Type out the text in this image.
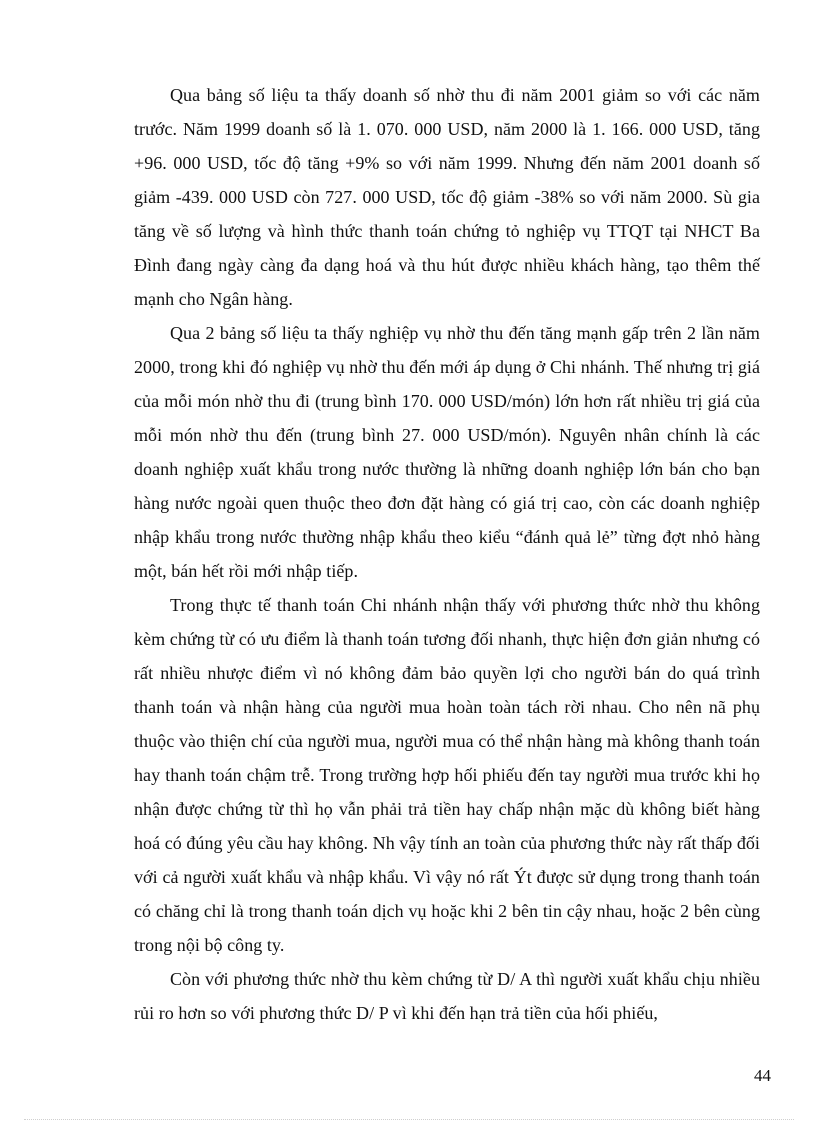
Qua bảng số liệu ta thấy doanh số nhờ thu đi năm 2001 giảm so với các năm trước. Năm 1999 doanh số là 1. 070. 000 USD, năm 2000 là 1. 166. 000 USD, tăng +96. 000 USD, tốc độ tăng +9% so với năm 1999. Nhưng đến năm 2001 doanh số giảm -439. 000 USD còn 727. 000 USD, tốc độ giảm -38% so với năm 2000. Sù gia tăng về số lượng và hình thức thanh toán chứng tỏ nghiệp vụ TTQT tại NHCT Ba Đình đang ngày càng đa dạng hoá và thu hút được nhiều khách hàng, tạo thêm thế mạnh cho Ngân hàng.

Qua 2 bảng số liệu ta thấy nghiệp vụ nhờ thu đến tăng mạnh gấp trên 2 lần năm 2000, trong khi đó nghiệp vụ nhờ thu đến mới áp dụng ở Chi nhánh. Thế nhưng trị giá của mỗi món nhờ thu đi (trung bình 170. 000 USD/món) lớn hơn rất nhiều trị giá của mỗi món nhờ thu đến (trung bình 27. 000 USD/món). Nguyên nhân chính là các doanh nghiệp xuất khẩu trong nước thường là những doanh nghiệp lớn bán cho bạn hàng nước ngoài quen thuộc theo đơn đặt hàng có giá trị cao, còn các doanh nghiệp nhập khẩu trong nước thường nhập khẩu theo kiểu “đánh quả lẻ” từng đợt nhỏ hàng một, bán hết rồi mới nhập tiếp.

Trong thực tế thanh toán Chi nhánh nhận thấy với phương thức nhờ thu không kèm chứng từ có ưu điểm là thanh toán tương đối nhanh, thực hiện đơn giản nhưng có rất nhiều nhược điểm vì nó không đảm bảo quyền lợi cho người bán do quá trình thanh toán và nhận hàng của người mua hoàn toàn tách rời nhau. Cho nên nã phụ thuộc vào thiện chí của người mua, người mua có thể nhận hàng mà không thanh toán hay thanh toán chậm trễ. Trong trường hợp hối phiếu đến tay người mua trước khi họ nhận được chứng từ thì họ vẫn phải trả tiền hay chấp nhận mặc dù không biết hàng hoá có đúng yêu cầu hay không. Nh vậy tính an toàn của phương thức này rất thấp đối với cả người xuất khẩu và nhập khẩu. Vì vậy nó rất Ýt được sử dụng trong thanh toán có chăng chỉ là trong thanh toán dịch vụ hoặc khi 2 bên tin cậy nhau, hoặc 2 bên cùng trong nội bộ công ty.

Còn với phương thức nhờ thu kèm chứng từ D/ A thì người xuất khẩu chịu nhiều rủi ro hơn so với phương thức D/ P vì khi đến hạn trả tiền của hối phiếu,

44
